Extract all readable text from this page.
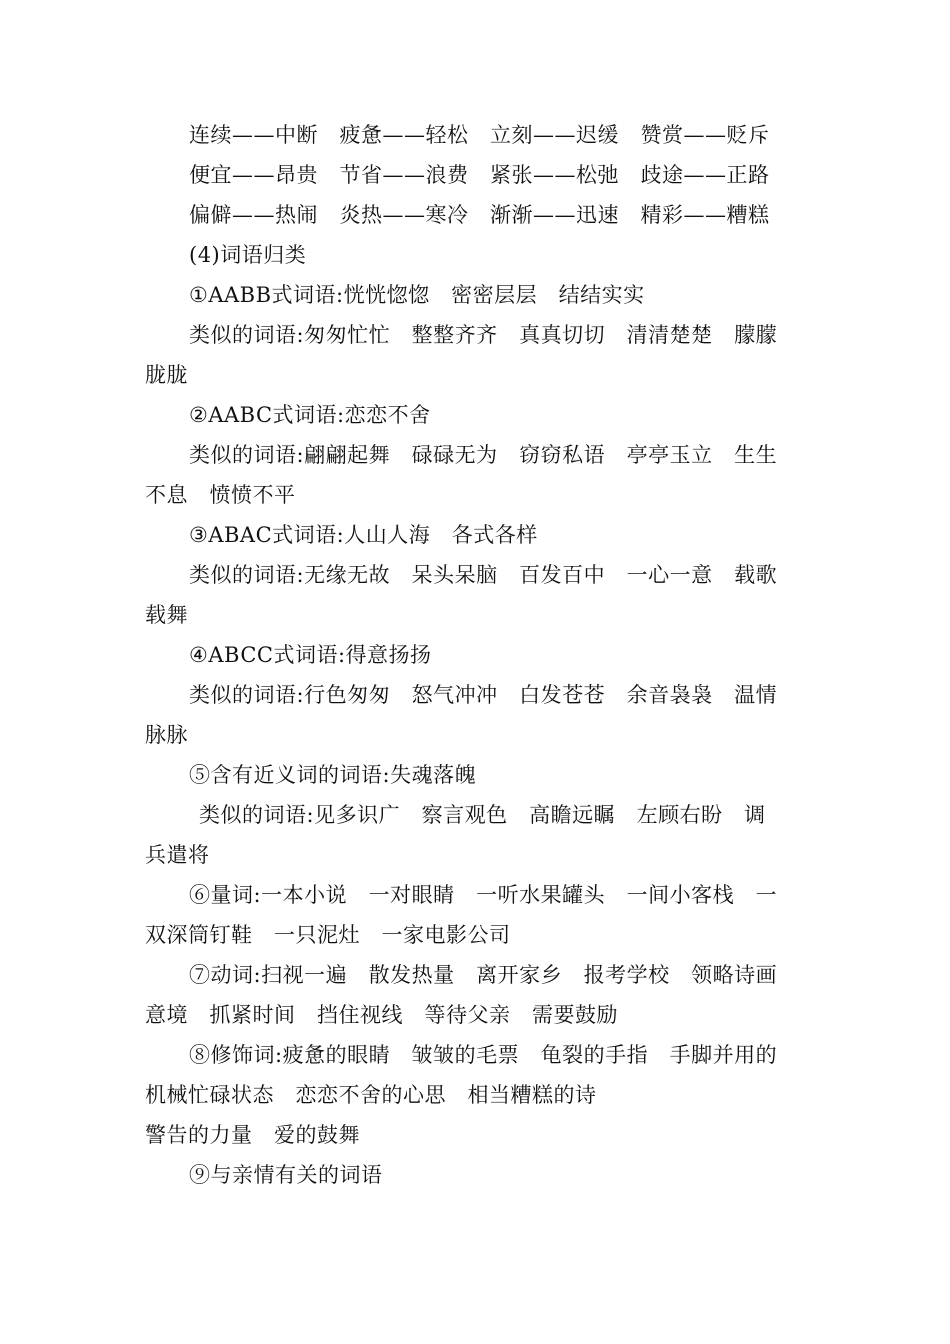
连续——中断　疲惫——轻松　立刻——迟缓　赞赏——贬斥
便宜——昂贵　节省——浪费　紧张——松弛　歧途——正路
偏僻——热闹　炎热——寒冷　渐渐——迅速　精彩——糟糕
(4)词语归类
①AABB式词语:恍恍惚惚　密密层层　结结实实
类似的词语:匆匆忙忙　整整齐齐　真真切切　清清楚楚　朦朦
胧胧
②AABC式词语:恋恋不舍
类似的词语:翩翩起舞　碌碌无为　窃窃私语　亭亭玉立　生生
不息　愤愤不平
③ABAC式词语:人山人海　各式各样
类似的词语:无缘无故　呆头呆脑　百发百中　一心一意　载歌
载舞
④ABCC式词语:得意扬扬
类似的词语:行色匆匆　怒气冲冲　白发苍苍　余音袅袅　温情
脉脉
⑤含有近义词的词语:失魂落魄
类似的词语:见多识广　察言观色　高瞻远瞩　左顾右盼　调
兵遣将
⑥量词:一本小说　一对眼睛　一听水果罐头　一间小客栈　一
双深筒钉鞋　一只泥灶　一家电影公司
⑦动词:扫视一遍　散发热量　离开家乡　报考学校　领略诗画
意境　抓紧时间　挡住视线　等待父亲　需要鼓励
⑧修饰词:疲惫的眼睛　皱皱的毛票　龟裂的手指　手脚并用的
机械忙碌状态　恋恋不舍的心思　相当糟糕的诗
警告的力量　爱的鼓舞
⑨与亲情有关的词语
